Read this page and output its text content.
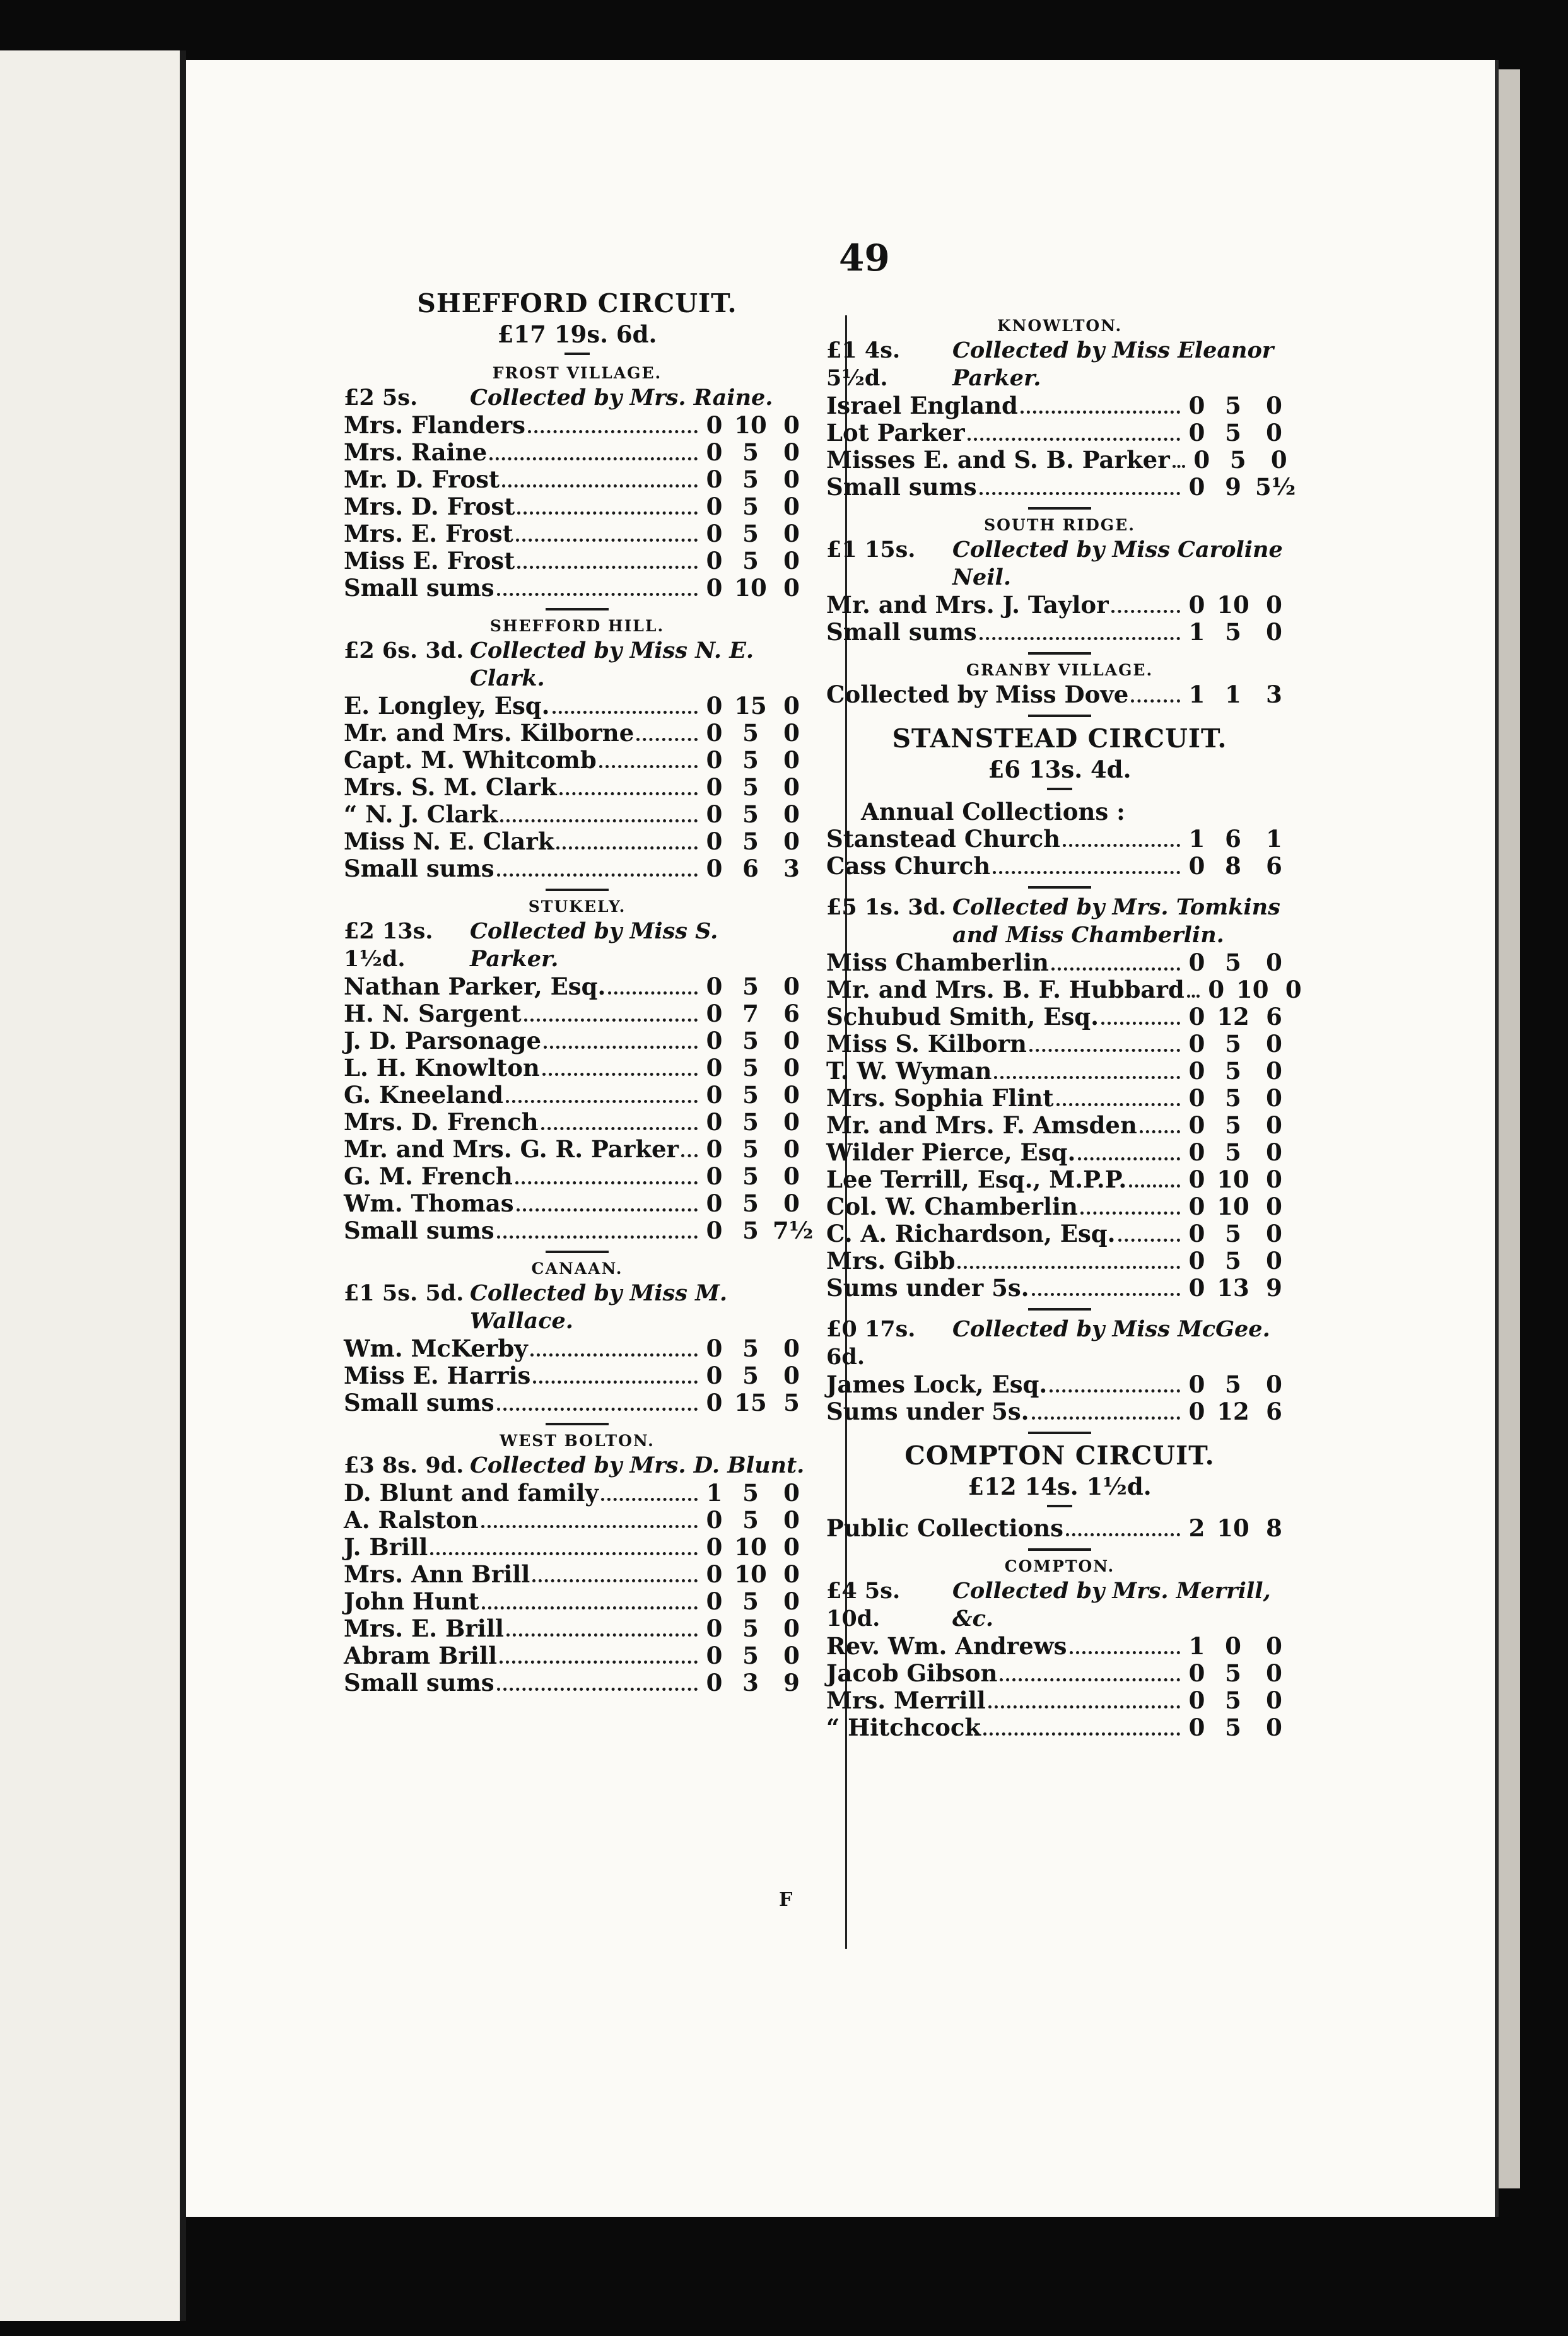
49
SHEFFORD CIRCUIT.
£17 19s. 6d.
FROST VILLAGE.
£2 5s.	Collected by Mrs. Raine.
Mrs. Flanders	0 10 0
Mrs. Raine	0 5	0
Mr. D. Frost	0 5	0
Mrs. D. Frost	0 5	0
Mrs. E. Frost	0 5	0
Miss E. Frost	0 5	0
Small sums	0 10 0
SHEFFORD HILL.
£2 6s. 3d. Collected by Miss N. E. Clark.
E. Longley, Esq.	0 15 0
Mr. and Mrs. Kilborne	0 5	0
Capt. M. Whitcomb	0 5	0
Mrs. S. M. Clark	0 5	0
“ N. J. Clark	0 5	0
Miss N. E. Clark	0 5	0
Small sums	0 6	3
STUKELY.
£2 13s. 1½d.
Collected by Miss S. Parker.
Nathan Parker, Esq.	0 5	0
H. N. Sargent	0 7	6
J. D. Parsonage	0 5	0
L. H. Knowlton	0 5	0
G. Kneeland	0 5	0
Mrs. D. French	0 5	0
Mr. and Mrs. G. R. Parker 0 5	0
G. M. French	0 5	0
Wm. Thomas	0 5	0
Small sums	0 5 7½
CANAAN.
£1 5s. 5d. Collected by Miss M. Wallace.
Wm. McKerby	0 5	0
Miss E. Harris	0 5	0
Small sums	0 15 5
WEST BOLTON.
£3 8s. 9d. Collected by Mrs. D. Blunt.
D. Blunt and family	1 5	0
A. Ralston	0 5	0
J. Brill	0 10 0
Mrs. Ann Brill	0 10 0
John Hunt	0 5	0
Mrs. E. Brill	0 5	0
Abram Brill	0 5	0
Small sums	0 3	9
KNOWLTON.
£1 4s. 5½d.
Collected by Miss Eleanor Parker.
Israel England	0 5	0
Lot Parker	0 5	0
Misses E. and S. B. Parker 0 5	0
Small sums	0 9 5½
SOUTH RIDGE.
£1 15s.	Collected by Miss Caroline Neil.
Mr. and Mrs. J. Taylor	0 10 0
Small sums	1 5	0
GRANBY VILLAGE.
Collected by Miss Dove	1 1	3
STANSTEAD CIRCUIT.
£6 13s. 4d.
Annual Collections :
Stanstead Church	1 6	1
Cass Church	0 8	6
£5 1s. 3d. Collected by Mrs. Tomkins and Miss Chamberlin.
Miss Chamberlin	0 5	0
Mr. and Mrs. B. F. Hubbard 0 10 0
Schubud Smith, Esq.	0 12 6
Miss S. Kilborn	0 5	0
T. W. Wyman	0 5	0
Mrs. Sophia Flint	0 5	0
Mr. and Mrs. F. Amsden 0 5	0
Wilder Pierce, Esq.	0 5	0
Lee Terrill, Esq., M.P.P.	0 10 0
Col. W. Chamberlin	0 10 0
C. A. Richardson, Esq.	0 5	0
Mrs. Gibb	0 5	0
Sums under 5s.	0 13 9
£0 17s. 6d.
Collected by Miss McGee.
James Lock, Esq.	0 5	0
Sums under 5s.	0 12 6
COMPTON CIRCUIT.
£12 14s. 1½d.
Public Collections	2 10 8
COMPTON.
£4 5s. 10d.
Collected by Mrs. Merrill, &c.
Rev. Wm. Andrews	1 0	0
Jacob Gibson	0 5	0
Mrs. Merrill	0 5	0
“ Hitchcock	0 5	0
F
